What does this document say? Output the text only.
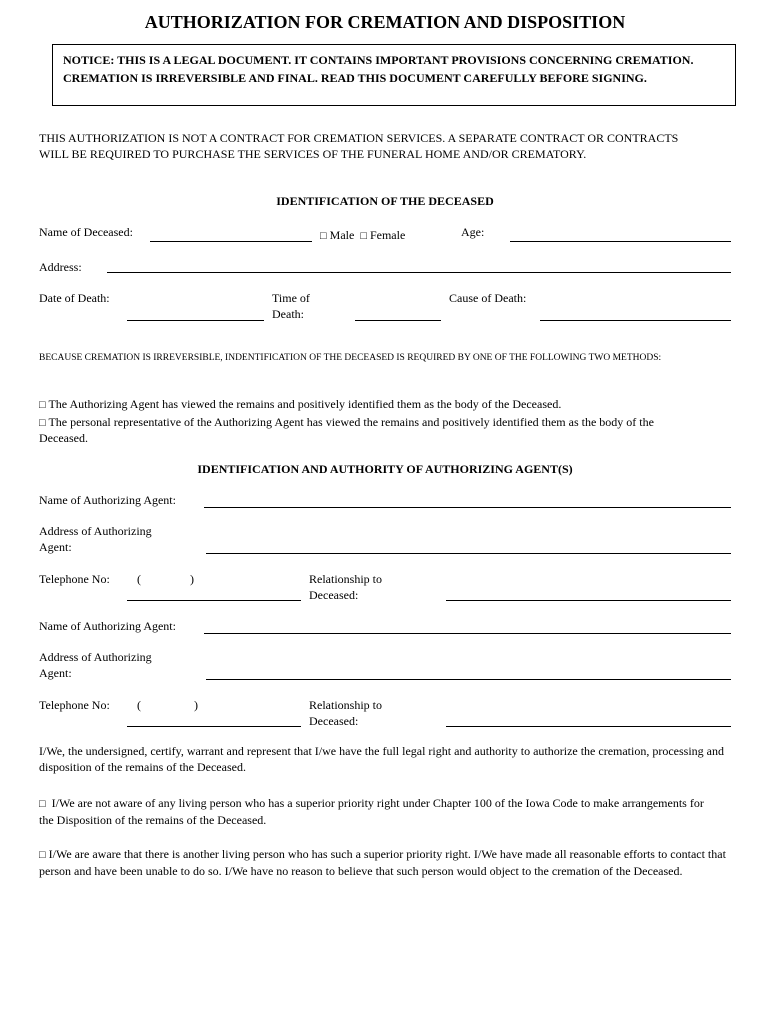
AUTHORIZATION FOR CREMATION AND DISPOSITION
NOTICE: THIS IS A LEGAL DOCUMENT. IT CONTAINS IMPORTANT PROVISIONS CONCERNING CREMATION. CREMATION IS IRREVERSIBLE AND FINAL. READ THIS DOCUMENT CAREFULLY BEFORE SIGNING.
THIS AUTHORIZATION IS NOT A CONTRACT FOR CREMATION SERVICES. A SEPARATE CONTRACT OR CONTRACTS WILL BE REQUIRED TO PURCHASE THE SERVICES OF THE FUNERAL HOME AND/OR CREMATORY.
IDENTIFICATION OF THE DECEASED
Name of Deceased:	□ Male □ Female	Age:
Address:
Date of Death:	Time of
Death:
Cause of Death:
BECAUSE CREMATION IS IRREVERSIBLE, INDENTIFICATION OF THE DECEASED IS REQUIRED BY ONE OF THE FOLLOWING TWO METHODS:
□ The Authorizing Agent has viewed the remains and positively identified them as the body of the Deceased.
□ The personal representative of the Authorizing Agent has viewed the remains and positively identified them as the body of the
Deceased.
IDENTIFICATION AND AUTHORITY OF AUTHORIZING AGENT(S)
Name of Authorizing Agent:
Address of Authorizing
Agent:
Telephone No: (	)	Relationship to
Deceased:
Name of Authorizing Agent:
Address of Authorizing
Agent:
Telephone No: (	)	Relationship to
Deceased:
I/We, the undersigned, certify, warrant and represent that I/we have the full legal right and authority to authorize the cremation, processing and disposition of the remains of the Deceased.
□ I/We are not aware of any living person who has a superior priority right under Chapter 100 of the Iowa Code to make arrangements for the Disposition of the remains of the Deceased.
□ I/We are aware that there is another living person who has such a superior priority right. I/We have made all reasonable efforts to contact that person and have been unable to do so. I/We have no reason to believe that such person would object to the cremation of the Deceased.
